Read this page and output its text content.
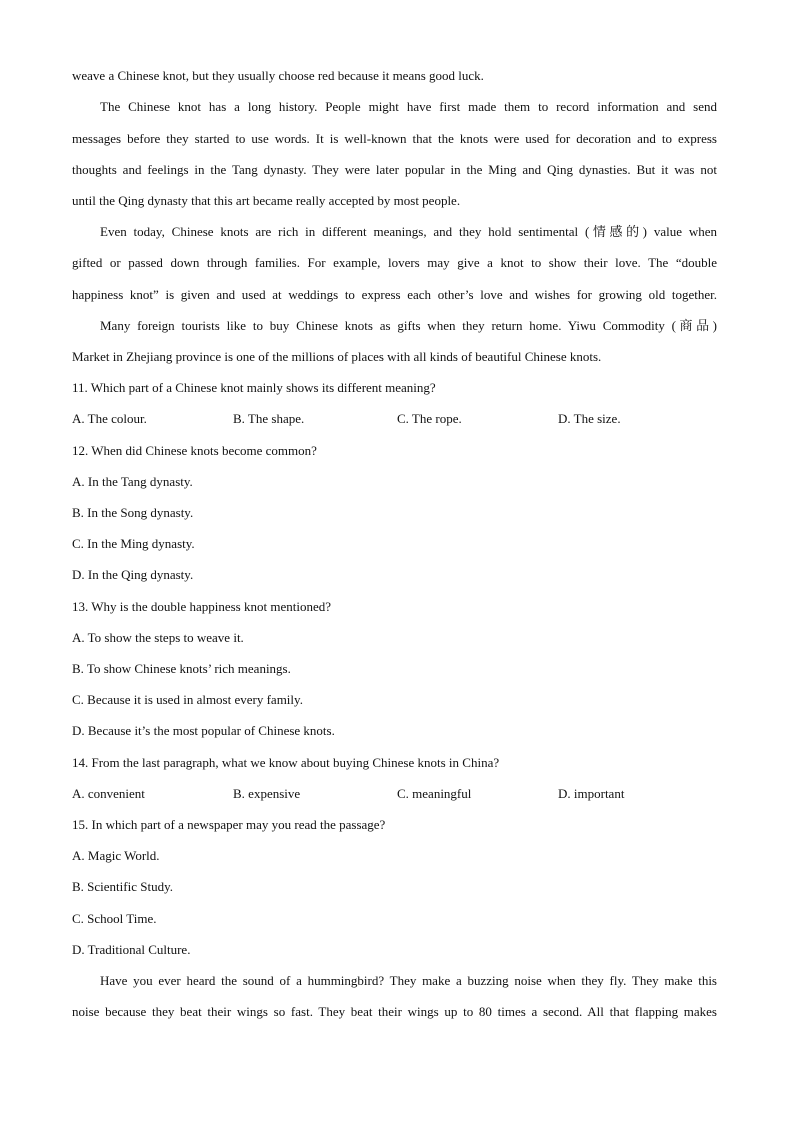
weave a Chinese knot, but they usually choose red because it means good luck.
The Chinese knot has a long history. People might have first made them to record information and send
messages before they started to use words. It is well-known that the knots were used for decoration and to express
thoughts and feelings in the Tang dynasty. They were later popular in the Ming and Qing dynasties. But it was not
until the Qing dynasty that this art became really accepted by most people.
Even today, Chinese knots are rich in different meanings, and they hold sentimental (情感的) value when
gifted or passed down through families. For example, lovers may give a knot to show their love. The “double
happiness knot” is given and used at weddings to express each other’s love and wishes for growing old together.
Many foreign tourists like to buy Chinese knots as gifts when they return home. Yiwu Commodity (商品)
Market in Zhejiang province is one of the millions of places with all kinds of beautiful Chinese knots.
11. Which part of a Chinese knot mainly shows its different meaning?
A. The colour.	B. The shape.	C. The rope.	D. The size.
12. When did Chinese knots become common?
A. In the Tang dynasty.
B. In the Song dynasty.
C. In the Ming dynasty.
D. In the Qing dynasty.
13. Why is the double happiness knot mentioned?
A. To show the steps to weave it.
B. To show Chinese knots’ rich meanings.
C. Because it is used in almost every family.
D. Because it’s the most popular of Chinese knots.
14. From the last paragraph, what we know about buying Chinese knots in China?
A. convenient	B. expensive	C. meaningful	D. important
15. In which part of a newspaper may you read the passage?
A. Magic World.
B. Scientific Study.
C. School Time.
D. Traditional Culture.
Have you ever heard the sound of a hummingbird? They make a buzzing noise when they fly. They make this
noise because they beat their wings so fast. They beat their wings up to 80 times a second. All that flapping makes
